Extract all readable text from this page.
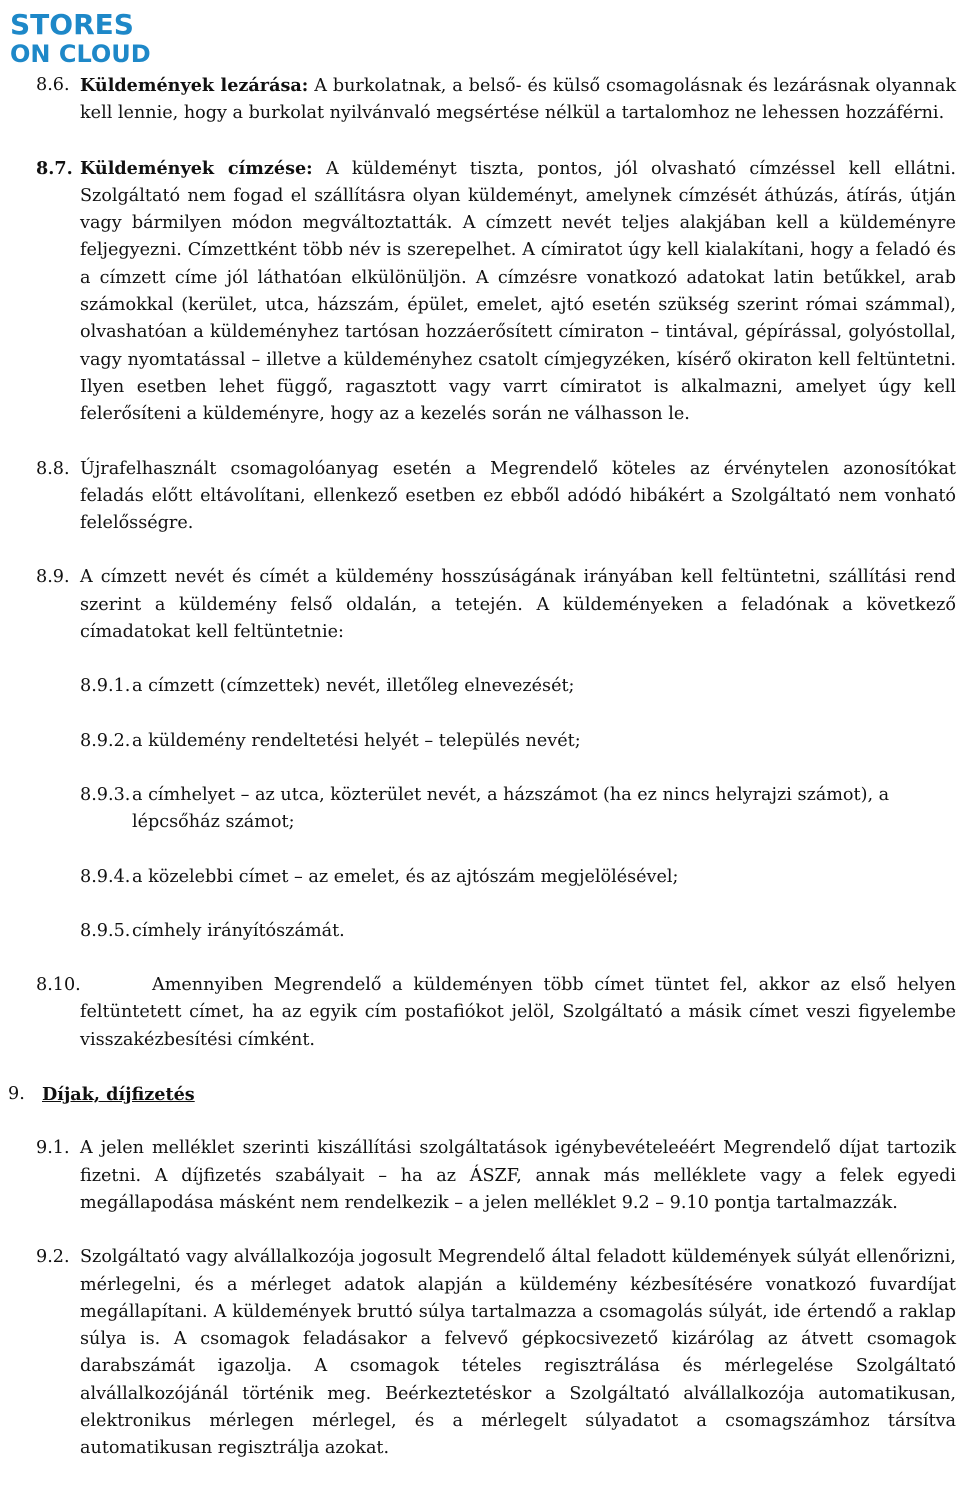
STORES
ON CLOUD
8.6. Küldemények lezárása: A burkolatnak, a belső- és külső csomagolásnak és lezárásnak olyannak kell lennie, hogy a burkolat nyilvánvaló megsértése nélkül a tartalomhoz ne lehessen hozzáférni.
8.7. Küldemények címzése: A küldeményt tiszta, pontos, jól olvasható címzéssel kell ellátni. Szolgáltató nem fogad el szállításra olyan küldeményt, amelynek címzését áthúzás, átírás, útján vagy bármilyen módon megváltoztatták. A címzett nevét teljes alakjában kell a küldeményre feljegyezni. Címzettként több név is szerepelhet. A címiratot úgy kell kialakítani, hogy a feladó és a címzett címe jól láthatóan elkülönüljön. A címzésre vonatkozó adatokat latin betűkkel, arab számokkal (kerület, utca, házszám, épület, emelet, ajtó esetén szükség szerint római számmal), olvashatóan a küldeményhez tartósan hozzáerősített címiraton – tintával, gépírással, golyóstollal, vagy nyomtatással – illetve a küldeményhez csatolt címjegyzéken, kísérő okiraton kell feltüntetni. Ilyen esetben lehet függő, ragasztott vagy varrt címiratot is alkalmazni, amelyet úgy kell felerősíteni a küldeményre, hogy az a kezelés során ne válhasson le.
8.8. Újrafelhasznált csomagolóanyag esetén a Megrendelő köteles az érvénytelen azonosítókat feladás előtt eltávolítani, ellenkező esetben ez ebből adódó hibákért a Szolgáltató nem vonható felelősségre.
8.9. A címzett nevét és címét a küldemény hosszúságának irányában kell feltüntetni, szállítási rend szerint a küldemény felső oldalán, a tetején. A küldeményeken a feladónak a következő címadatokat kell feltüntetnie:
8.9.1. a címzett (címzettek) nevét, illetőleg elnevezését;
8.9.2. a küldemény rendeltetési helyét – település nevét;
8.9.3. a címhelyet – az utca, közterület nevét, a házszámot (ha ez nincs helyrajzi számot), a lépcsőház számot;
8.9.4. a közelebbi címet – az emelet, és az ajtószám megjelölésével;
8.9.5. címhely irányítószámát.
8.10.	Amennyiben Megrendelő a küldeményen több címet tüntet fel, akkor az első helyen feltüntetett címet, ha az egyik cím postafiókot jelöl, Szolgáltató a másik címet veszi figyelembe visszakézbesítési címként.
9. Díjak, díjfizetés
9.1. A jelen melléklet szerinti kiszállítási szolgáltatások igénybevételeéért Megrendelő díjat tartozik fizetni. A díjfizetés szabályait – ha az ÁSZF, annak más melléklete vagy a felek egyedi megállapodása másként nem rendelkezik – a jelen melléklet 9.2 – 9.10 pontja tartalmazzák.
9.2. Szolgáltató vagy alvállalkozója jogosult Megrendelő által feladott küldemények súlyát ellenőrizni, mérlegelni, és a mérleget adatok alapján a küldemény kézbesítésére vonatkozó fuvardíjat megállapítani. A küldemények bruttó súlya tartalmazza a csomagolás súlyát, ide értendő a raklap súlya is. A csomagok feladásakor a felvevő gépkocsivezető kizárólag az átvett csomagok darabszámát igazolja. A csomagok tételes regisztrálása és mérlegelése Szolgáltató alvállalkozójánál történik meg. Beérkeztetéskor a Szolgáltató alvállalkozója automatikusan, elektronikus mérlegen mérlegel, és a mérlegelt súlyadatot a csomagszámhoz társítva automatikusan regisztrálja azokat.
